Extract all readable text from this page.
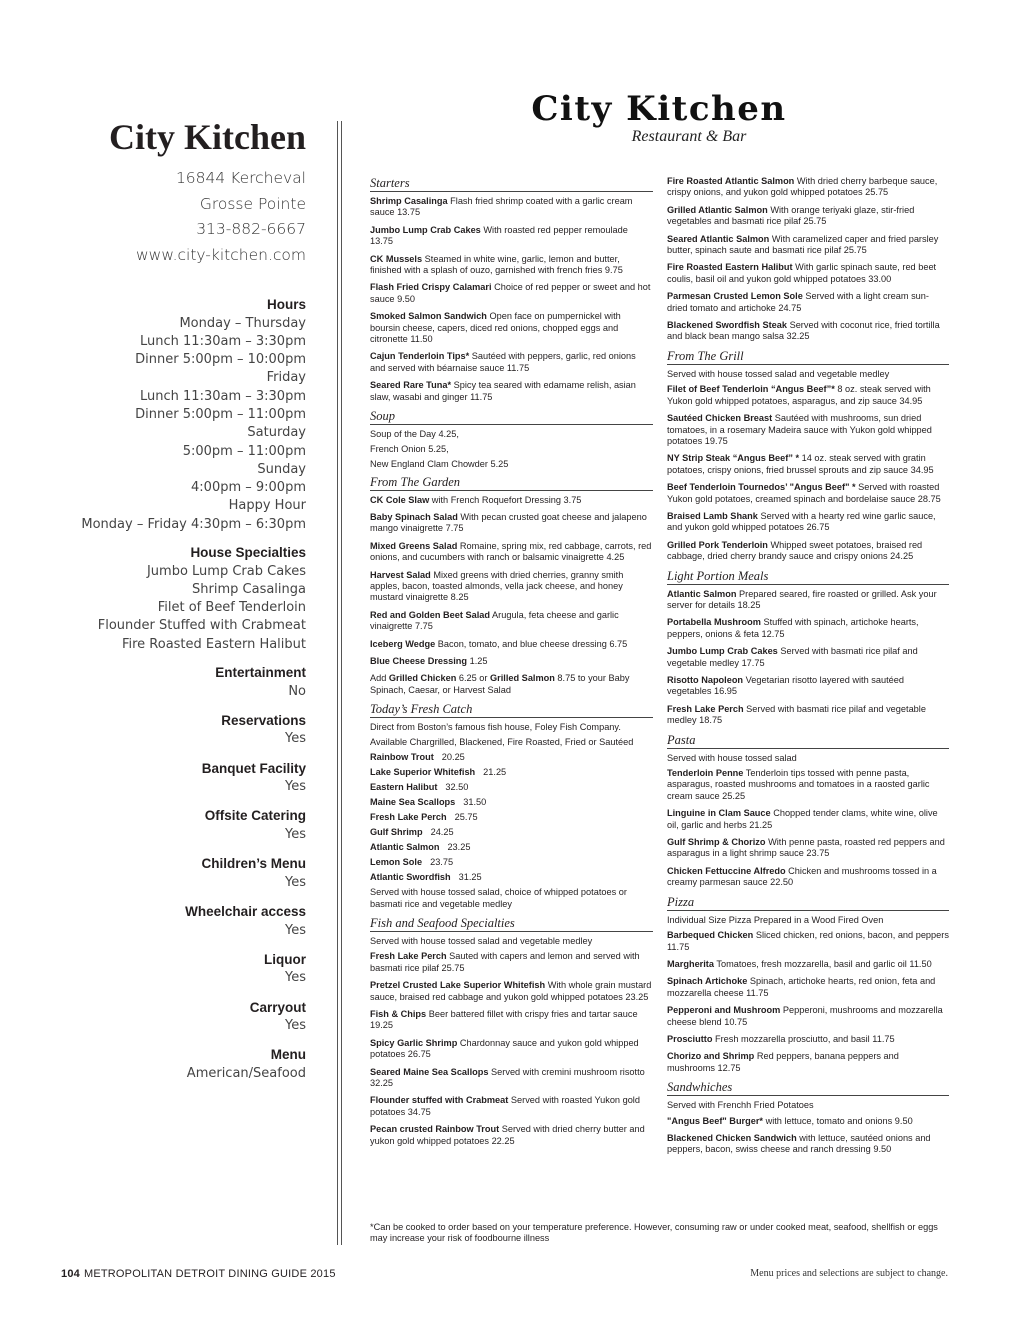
City Kitchen
16844 Kercheval
Grosse Pointe
313-882-6667
www.city-kitchen.com
Hours
Monday – Thursday
Lunch 11:30am – 3:30pm
Dinner 5:00pm – 10:00pm
Friday
Lunch 11:30am – 3:30pm
Dinner 5:00pm – 11:00pm
Saturday
5:00pm – 11:00pm
Sunday
4:00pm – 9:00pm
Happy Hour
Monday – Friday 4:30pm – 6:30pm
House Specialties
Jumbo Lump Crab Cakes
Shrimp Casalinga
Filet of Beef Tenderloin
Flounder Stuffed with Crabmeat
Fire Roasted Eastern Halibut
Entertainment
No
Reservations
Yes
Banquet Facility
Yes
Offsite Catering
Yes
Children’s Menu
Yes
Wheelchair access
Yes
Liquor
Yes
Carryout
Yes
Menu
American/Seafood
City Kitchen
Restaurant & Bar
Starters
Shrimp Casalinga Flash fried shrimp coated with a garlic cream sauce 13.75
Jumbo Lump Crab Cakes With roasted red pepper remoulade 13.75
CK Mussels Steamed in white wine, garlic, lemon and butter, finished with a splash of ouzo, garnished with french fries 9.75
Flash Fried Crispy Calamari Choice of red pepper or sweet and hot sauce 9.50
Smoked Salmon Sandwich Open face on pumpernickel with boursin cheese, capers, diced red onions, chopped eggs and citronette 11.50
Cajun Tenderloin Tips* Sautéed with peppers, garlic, red onions and served with béarnaise sauce 11.75
Seared Rare Tuna* Spicy tea seared with edamame relish, asian slaw, wasabi and ginger 11.75
Soup
Soup of the Day 4.25,
French Onion 5.25,
New England Clam Chowder 5.25
From The Garden
CK Cole Slaw with French Roquefort Dressing 3.75
Baby Spinach Salad With pecan crusted goat cheese and jalapeno mango vinaigrette 7.75
Mixed Greens Salad Romaine, spring mix, red cabbage, carrots, red onions, and cucumbers with ranch or balsamic vinaigrette 4.25
Harvest Salad Mixed greens with dried cherries, granny smith apples, bacon, toasted almonds, vella jack cheese, and honey mustard vinaigrette 8.25
Red and Golden Beet Salad Arugula, feta cheese and garlic vinaigrette 7.75
Iceberg Wedge Bacon, tomato, and blue cheese dressing 6.75
Blue Cheese Dressing 1.25
Add Grilled Chicken 6.25 or Grilled Salmon 8.75 to your Baby Spinach, Caesar, or Harvest Salad
Today’s Fresh Catch
Direct from Boston’s famous fish house, Foley Fish Company.
Available Chargrilled, Blackened, Fire Roasted, Fried or Sautéed
Rainbow Trout 20.25
Lake Superior Whitefish 21.25
Eastern Halibut 32.50
Maine Sea Scallops 31.50
Fresh Lake Perch 25.75
Gulf Shrimp 24.25
Atlantic Salmon 23.25
Lemon Sole 23.75
Atlantic Swordfish 31.25
Served with house tossed salad, choice of whipped potatoes or basmati rice and vegetable medley
Fish and Seafood Specialties
Served with house tossed salad and vegetable medley
Fresh Lake Perch Sauted with capers and lemon and served with basmati rice pilaf 25.75
Pretzel Crusted Lake Superior Whitefish With whole grain mustard sauce, braised red cabbage and yukon gold whipped potatoes 23.25
Fish & Chips Beer battered fillet with crispy fries and tartar sauce 19.25
Spicy Garlic Shrimp Chardonnay sauce and yukon gold whipped potatoes 26.75
Seared Maine Sea Scallops Served with cremini mushroom risotto 32.25
Flounder stuffed with Crabmeat Served with roasted Yukon gold potatoes 34.75
Pecan crusted Rainbow Trout Served with dried cherry butter and yukon gold whipped potatoes 22.25
Fire Roasted Atlantic Salmon With dried cherry barbeque sauce, crispy onions, and yukon gold whipped potatoes 25.75
Grilled Atlantic Salmon With orange teriyaki glaze, stir-fried vegetables and basmati rice pilaf 25.75
Seared Atlantic Salmon With caramelized caper and fried parsley butter, spinach saute and basmati rice pilaf 25.75
Fire Roasted Eastern Halibut With garlic spinach saute, red beet coulis, basil oil and yukon gold whipped potatoes 33.00
Parmesan Crusted Lemon Sole Served with a light cream sun-dried tomato and artichoke 24.75
Blackened Swordfish Steak Served with coconut rice, fried tortilla and black bean mango salsa 32.25
From The Grill
Served with house tossed salad and vegetable medley
Filet of Beef Tenderloin “Angus Beef”* 8 oz. steak served with Yukon gold whipped potatoes, asparagus, and zip sauce 34.95
Sautéed Chicken Breast Sautéed with mushrooms, sun dried tomatoes, in a rosemary Madeira sauce with Yukon gold whipped potatoes 19.75
NY Strip Steak “Angus Beef” * 14 oz. steak served with gratin potatoes, crispy onions, fried brussel sprouts and zip sauce 34.95
Beef Tenderloin Tournedos’ "Angus Beef" * Served with roasted Yukon gold potatoes, creamed spinach and bordelaise sauce 28.75
Braised Lamb Shank Served with a hearty red wine garlic sauce, and yukon gold whipped potatoes 26.75
Grilled Pork Tenderloin Whipped sweet potatoes, braised red cabbage, dried cherry brandy sauce and crispy onions 24.25
Light Portion Meals
Atlantic Salmon Prepared seared, fire roasted or grilled. Ask your server for details 18.25
Portabella Mushroom Stuffed with spinach, artichoke hearts, peppers, onions & feta 12.75
Jumbo Lump Crab Cakes Served with basmati rice pilaf and vegetable medley 17.75
Risotto Napoleon Vegetarian risotto layered with sautéed vegetables 16.95
Fresh Lake Perch Served with basmati rice pilaf and vegetable medley 18.75
Pasta
Served with house tossed salad
Tenderloin Penne Tenderloin tips tossed with penne pasta, asparagus, roasted mushrooms and tomatoes in a raosted garlic cream sauce 25.25
Linguine in Clam Sauce Chopped tender clams, white wine, olive oil, garlic and herbs 21.25
Gulf Shrimp & Chorizo With penne pasta, roasted red peppers and asparagus in a light shrimp sauce 23.75
Chicken Fettuccine Alfredo Chicken and mushrooms tossed in a creamy parmesan sauce 22.50
Pizza
Individual Size Pizza Prepared in a Wood Fired Oven
Barbequed Chicken Sliced chicken, red onions, bacon, and peppers 11.75
Margherita Tomatoes, fresh mozzarella, basil and garlic oil 11.50
Spinach Artichoke Spinach, artichoke hearts, red onion, feta and mozzarella cheese 11.75
Pepperoni and Mushroom Pepperoni, mushrooms and mozzarella cheese blend 10.75
Prosciutto Fresh mozzarella prosciutto, and basil 11.75
Chorizo and Shrimp Red peppers, banana peppers and mushrooms 12.75
Sandwhiches
Served with Frenchh Fried Potatoes
"Angus Beef" Burger* with lettuce, tomato and onions 9.50
Blackened Chicken Sandwich with lettuce, sautéed onions and peppers, bacon, swiss cheese and ranch dressing 9.50
*Can be cooked to order based on your temperature preference. However, consuming raw or under cooked meat, seafood, shellfish or eggs may increase your risk of foodbourne illness
104 METROPOLITAN DETROIT DINING GUIDE 2015	Menu prices and selections are subject to change.
